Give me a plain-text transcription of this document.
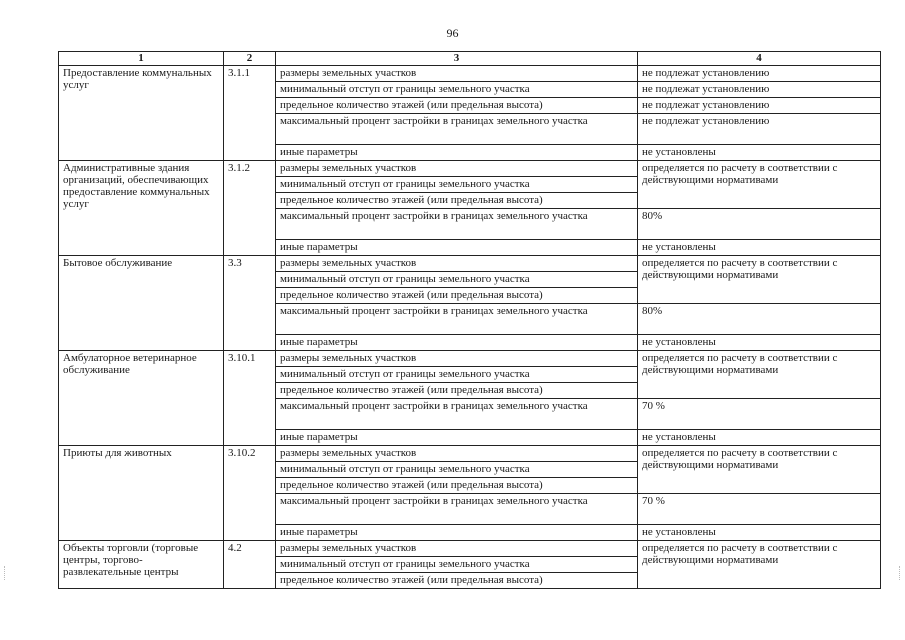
96
1	2	3	4
Предоставление коммунальных услуг	3.1.1	размеры земельных участков	не подлежат установлению
		минимальный отступ от границы земельного участка	не подлежат установлению
		предельное количество этажей (или предельная высота)	не подлежат установлению
		максимальный процент застройки в границах земельного участка	не подлежат установлению
		иные параметры	не установлены
Административные здания организаций, обеспечивающих предоставление коммунальных услуг	3.1.2	размеры земельных участков	определяется по расчету в соответствии с действующими нормативами
		минимальный отступ от границы земельного участка	
		предельное количество этажей (или предельная высота)	
		максимальный процент застройки в границах земельного участка	80%
		иные параметры	не установлены
Бытовое обслуживание	3.3	размеры земельных участков	определяется по расчету в соответствии с действующими нормативами
		минимальный отступ от границы земельного участка	
		предельное количество этажей (или предельная высота)	
		максимальный процент застройки в границах земельного участка	80%
		иные параметры	не установлены
Амбулаторное ветеринарное обслуживание	3.10.1	размеры земельных участков	определяется по расчету в соответствии с действующими нормативами
		минимальный отступ от границы земельного участка	
		предельное количество этажей (или предельная высота)	
		максимальный процент застройки в границах земельного участка	70 %
		иные параметры	не установлены
Приюты для животных	3.10.2	размеры земельных участков	определяется по расчету в соответствии с действующими нормативами
		минимальный отступ от границы земельного участка	
		предельное количество этажей (или предельная высота)	
		максимальный процент застройки в границах земельного участка	70 %
		иные параметры	не установлены
Объекты торговли (торговые центры, торгово-развлекательные центры	4.2	размеры земельных участков	определяется по расчету в соответствии с действующими нормативами
		минимальный отступ от границы земельного участка	
		предельное количество этажей (или предельная высота)	
